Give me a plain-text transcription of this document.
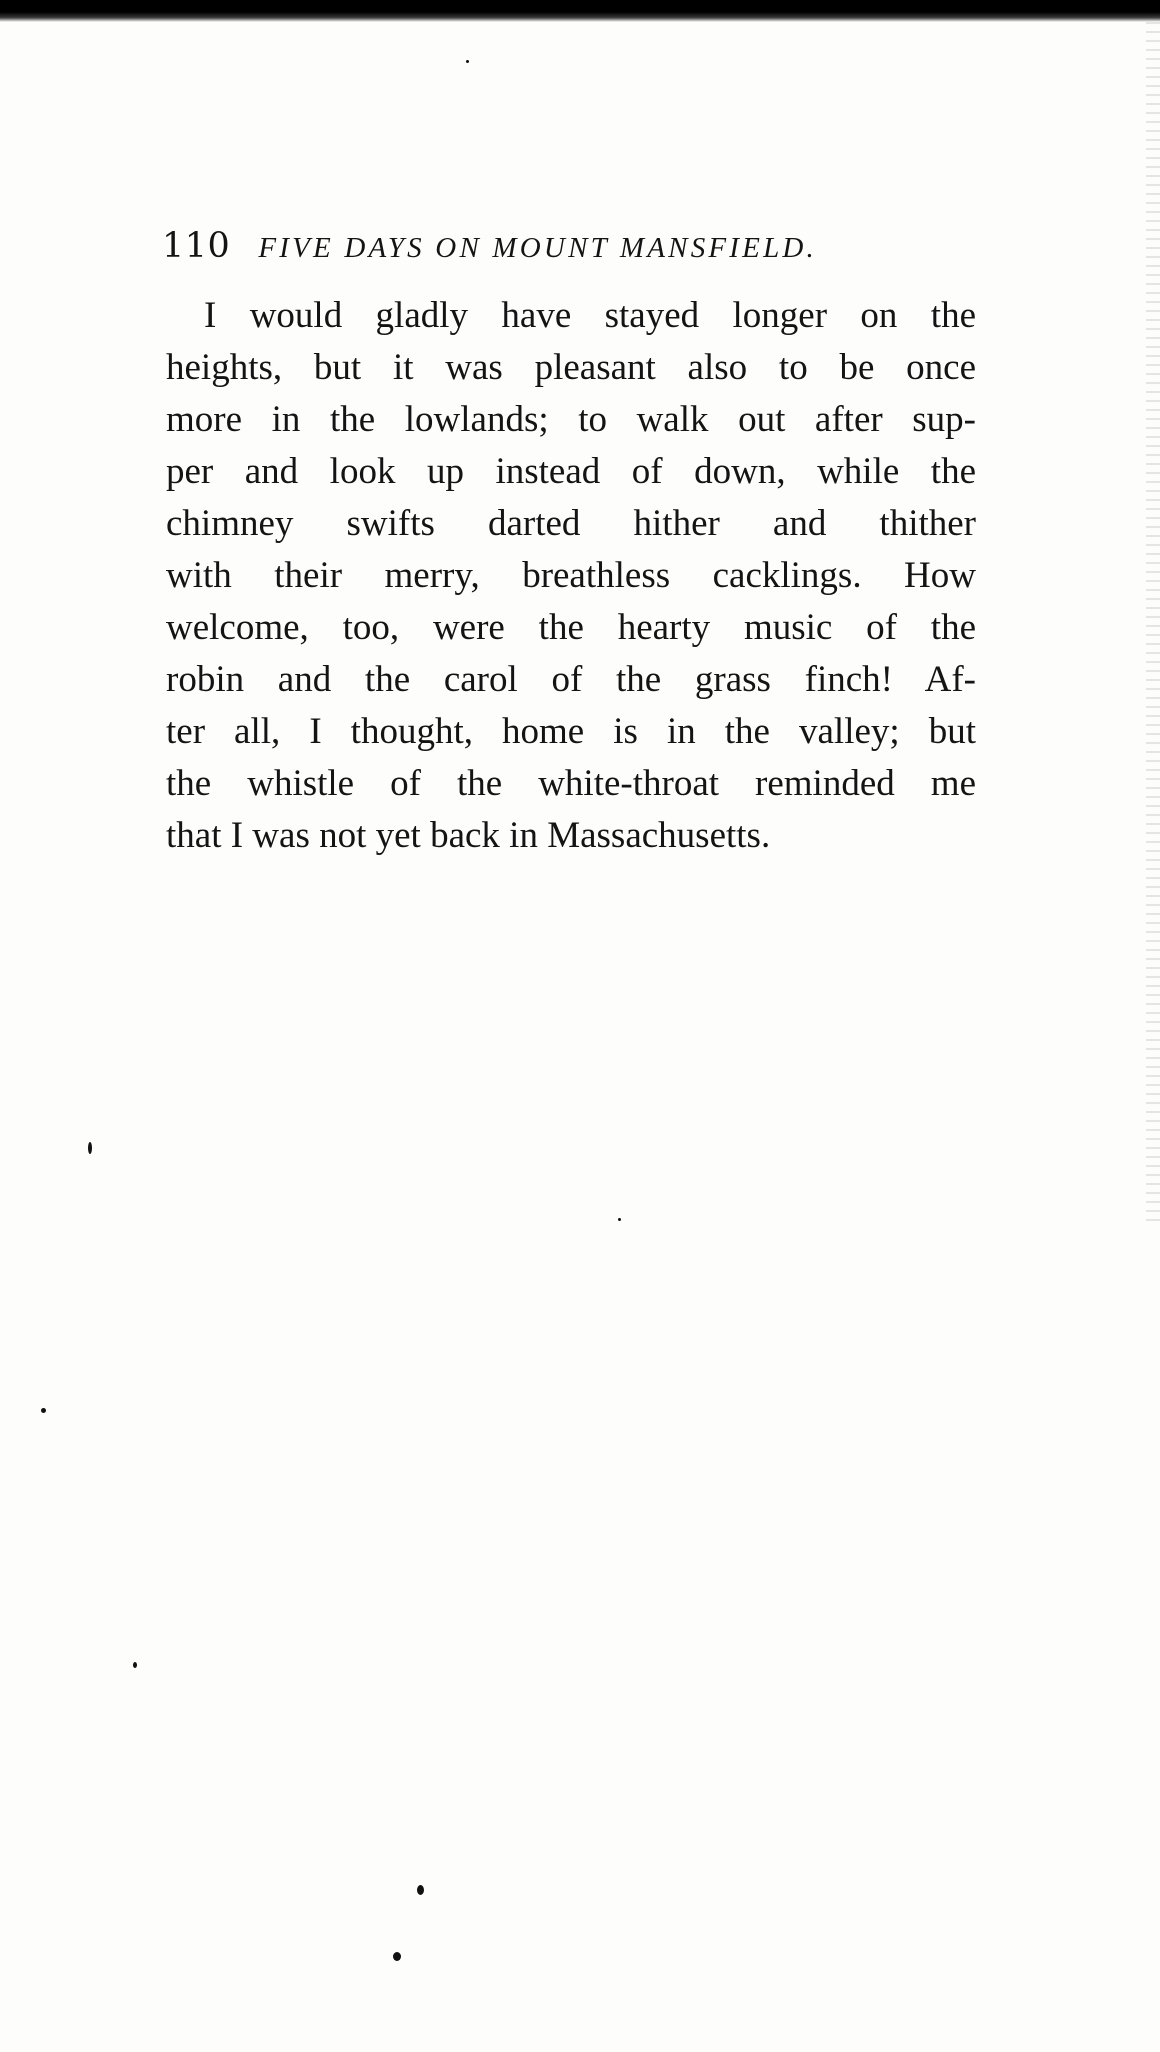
110 FIVE DAYS ON MOUNT MANSFIELD.
I would gladly have stayed longer on the
heights, but it was pleasant also to be once
more in the lowlands; to walk out after sup-
per and look up instead of down, while the
chimney swifts darted hither and thither
with their merry, breathless cacklings. How
welcome, too, were the hearty music of the
robin and the carol of the grass finch! Af-
ter all, I thought, home is in the valley; but
the whistle of the white-throat reminded me
that I was not yet back in Massachusetts.
